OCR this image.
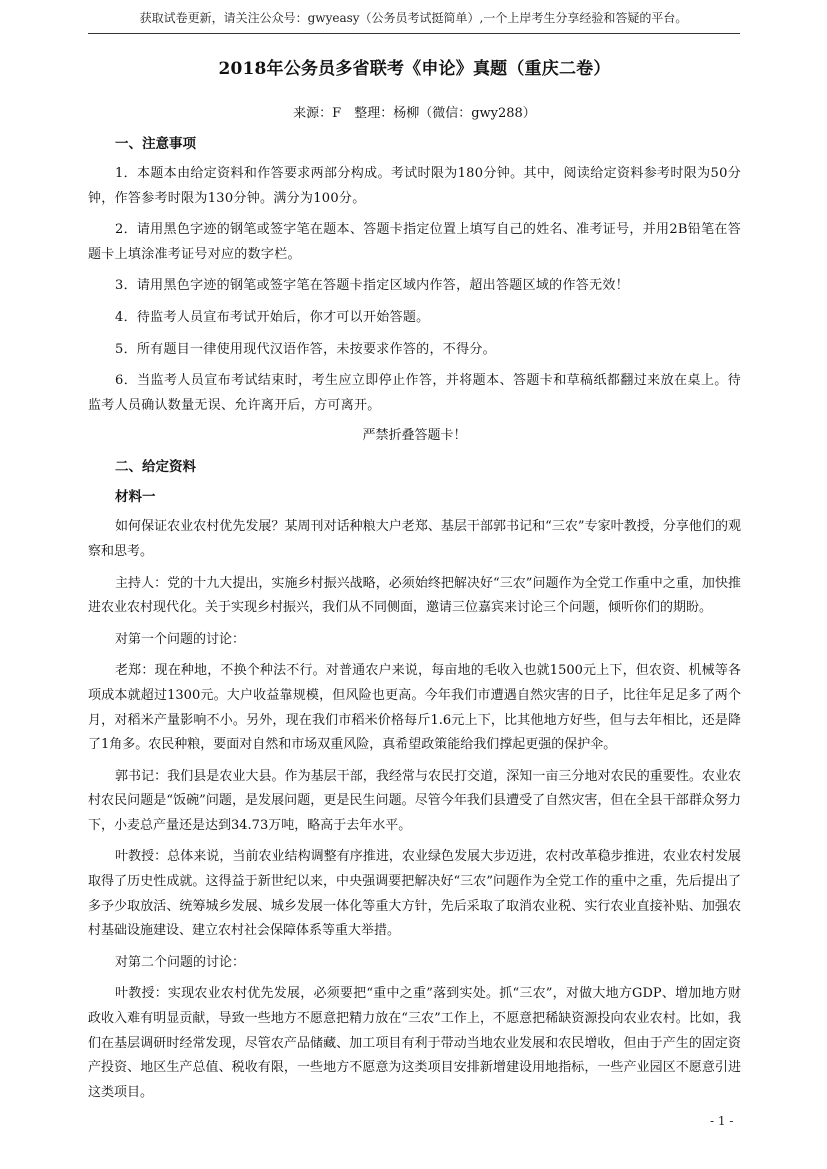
获取试卷更新，请关注公众号：gwyeasy（公务员考试挺简单）,一个上岸考生分享经验和答疑的平台。
2018年公务员多省联考《申论》真题（重庆二卷）
来源：F　整理：杨柳（微信：gwy288）
一、注意事项

1．本题本由给定资料和作答要求两部分构成。考试时限为180分钟。其中，阅读给定资料参考时限为50分钟，作答参考时限为130分钟。满分为100分。

2．请用黑色字迹的钢笔或签字笔在题本、答题卡指定位置上填写自己的姓名、准考证号，并用2B铅笔在答题卡上填涂准考证号对应的数字栏。

3．请用黑色字迹的钢笔或签字笔在答题卡指定区域内作答，超出答题区域的作答无效！

4．待监考人员宣布考试开始后，你才可以开始答题。

5．所有题目一律使用现代汉语作答，未按要求作答的，不得分。

6．当监考人员宣布考试结束时，考生应立即停止作答，并将题本、答题卡和草稿纸都翻过来放在桌上。待监考人员确认数量无误、允许离开后，方可离开。

严禁折叠答题卡！

二、给定资料
材料一

如何保证农业农村优先发展？某周刊对话种粮大户老郑、基层干部郭书记和“三农”专家叶教授，分享他们的观察和思考。

主持人：党的十九大提出，实施乡村振兴战略，必须始终把解决好“三农”问题作为全党工作重中之重，加快推进农业农村现代化。关于实现乡村振兴，我们从不同侧面，邀请三位嘉宾来讨论三个问题，倾听你们的期盼。

对第一个问题的讨论：

老郑：现在种地，不换个种法不行。对普通农户来说，每亩地的毛收入也就1500元上下，但农资、机械等各项成本就超过1300元。大户收益靠规模，但风险也更高。今年我们市遭遇自然灾害的日子，比往年足足多了两个月，对稻米产量影响不小。另外，现在我们市稻米价格每斤1.6元上下，比其他地方好些，但与去年相比，还是降了1角多。农民种粮，要面对自然和市场双重风险，真希望政策能给我们撑起更强的保护伞。

郭书记：我们县是农业大县。作为基层干部，我经常与农民打交道，深知一亩三分地对农民的重要性。农业农村农民问题是“饭碗”问题，是发展问题，更是民生问题。尽管今年我们县遭受了自然灾害，但在全县干部群众努力下，小麦总产量还是达到34.73万吨，略高于去年水平。

叶教授：总体来说，当前农业结构调整有序推进，农业绿色发展大步迈进，农村改革稳步推进，农业农村发展取得了历史性成就。这得益于新世纪以来，中央强调要把解决好“三农”问题作为全党工作的重中之重，先后提出了多予少取放活、统筹城乡发展、城乡发展一体化等重大方针，先后采取了取消农业税、实行农业直接补贴、加强农村基础设施建设、建立农村社会保障体系等重大举措。

对第二个问题的讨论：

叶教授：实现农业农村优先发展，必须要把“重中之重”落到实处。抓“三农”，对做大地方GDP、增加地方财政收入难有明显贡献，导致一些地方不愿意把精力放在“三农”工作上，不愿意把稀缺资源投向农业农村。比如，我们在基层调研时经常发现，尽管农产品储藏、加工项目有利于带动当地农业发展和农民增收，但由于产生的固定资产投资、地区生产总值、税收有限，一些地方不愿意为这类项目安排新增建设用地指标，一些产业园区不愿意引进这类项目。

- 1 -
